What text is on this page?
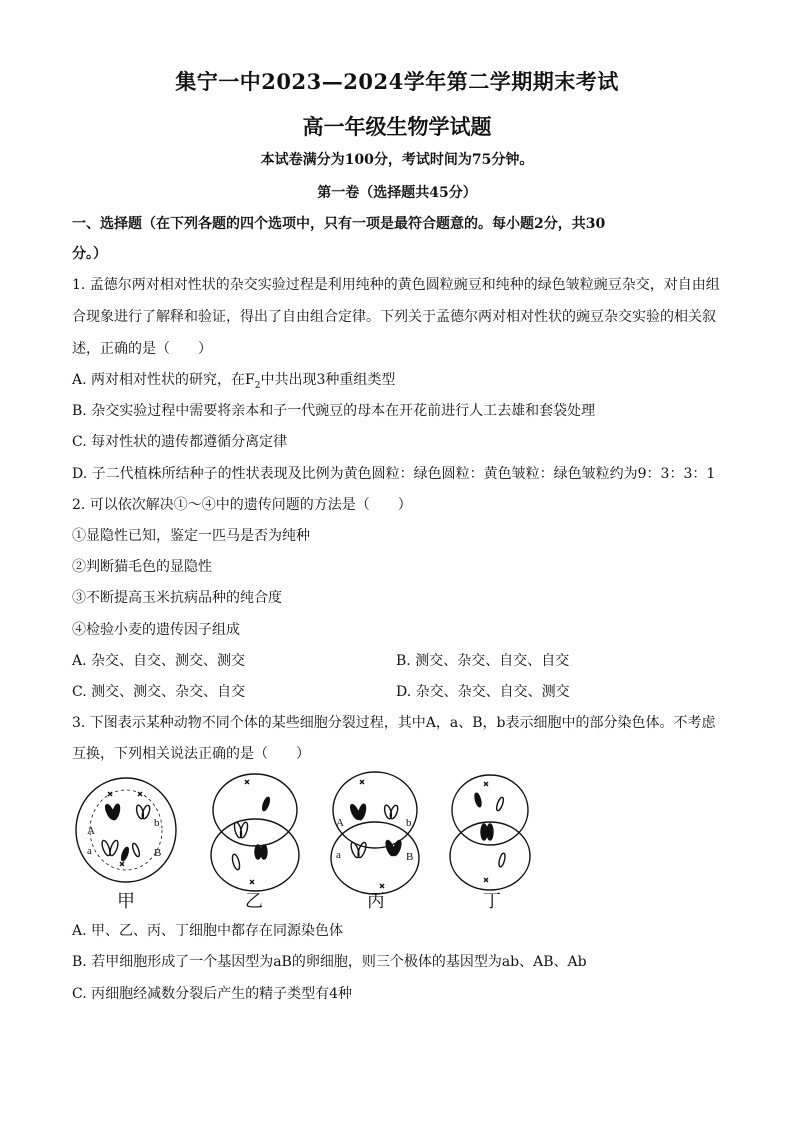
集宁一中2023—2024学年第二学期期末考试
高一年级生物学试题
本试卷满分为100分，考试时间为75分钟。
第一卷（选择题共45分）
一、选择题（在下列各题的四个选项中，只有一项是最符合题意的。每小题2分，共30
分。）
1. 孟德尔两对相对性状的杂交实验过程是利用纯种的黄色圆粒豌豆和纯种的绿色皱粒豌豆杂交，对自由组
合现象进行了解释和验证，得出了自由组合定律。下列关于孟德尔两对相对性状的豌豆杂交实验的相关叙
述，正确的是（　　）
A. 两对相对性状的研究，在$F_2$中共出现3种重组类型
B. 杂交实验过程中需要将亲本和子一代豌豆的母本在开花前进行人工去雄和套袋处理
C. 每对性状的遗传都遵循分离定律
D. 子二代植株所结种子的性状表现及比例为黄色圆粒：绿色圆粒：黄色皱粒：绿色皱粒约为9：3：3：1
2. 可以依次解决①～④中的遗传问题的方法是（　　）
①显隐性已知，鉴定一匹马是否为纯种
②判断猫毛色的显隐性
③不断提高玉米抗病品种的纯合度
④检验小麦的遗传因子组成
A. 杂交、自交、测交、测交	B. 测交、杂交、自交、自交
C. 测交、测交、杂交、自交	D. 杂交、杂交、自交、测交
3. 下图表示某种动物不同个体的某些细胞分裂过程，其中A，a、B，b表示细胞中的部分染色体。不考虑
互换，下列相关说法正确的是（　　）
A
a
b
B
A
a
b
B
甲	乙	丙	丁
A. 甲、乙、丙、丁细胞中都存在同源染色体
B. 若甲细胞形成了一个基因型为aB的卵细胞，则三个极体的基因型为ab、AB、Ab
C. 丙细胞经减数分裂后产生的精子类型有4种
